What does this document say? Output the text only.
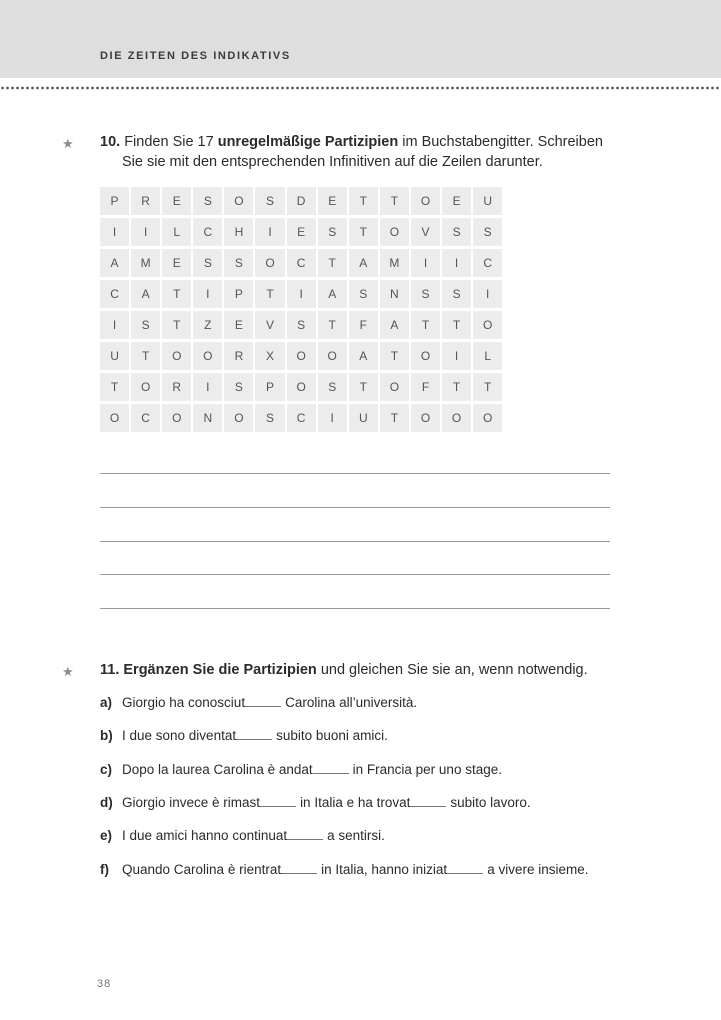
DIE ZEITEN DES INDIKATIVS
★ 10. Finden Sie 17 unregelmäßige Partizipien im Buchstabengitter. Schreiben
Sie sie mit den entsprechenden Infinitiven auf die Zeilen darunter.
P	R	E	S	O	S	D	E	T	T	O	E	U
I	I	L	C	H	I	E	S	T	O	V	S	S
A	M	E	S	S	O	C	T	A	M	I	I	C
C	A	T	I	P	T	I	A	S	N	S	S	I
I	S	T	Z	E	V	S	T	F	A	T	T	O
U	T	O	O	R	X	O	O	A	T	O	I	L
T	O	R	I	S	P	O	S	T	O	F	T	T
O	C	O	N	O	S	C	I	U	T	O	O	O
★ 11. Ergänzen Sie die Partizipien und gleichen Sie sie an, wenn notwendig.
a) Giorgio ha conosciut	Carolina all’università.
b) I due sono diventat	subito buoni amici.
c) Dopo la laurea Carolina è andat	in Francia per uno stage.
d) Giorgio invece è rimast	in Italia e ha trovat	subito lavoro.
e) I due amici hanno continuat	a sentirsi.
f) Quando Carolina è rientrat	in Italia, hanno iniziat	a vivere insieme.
38
